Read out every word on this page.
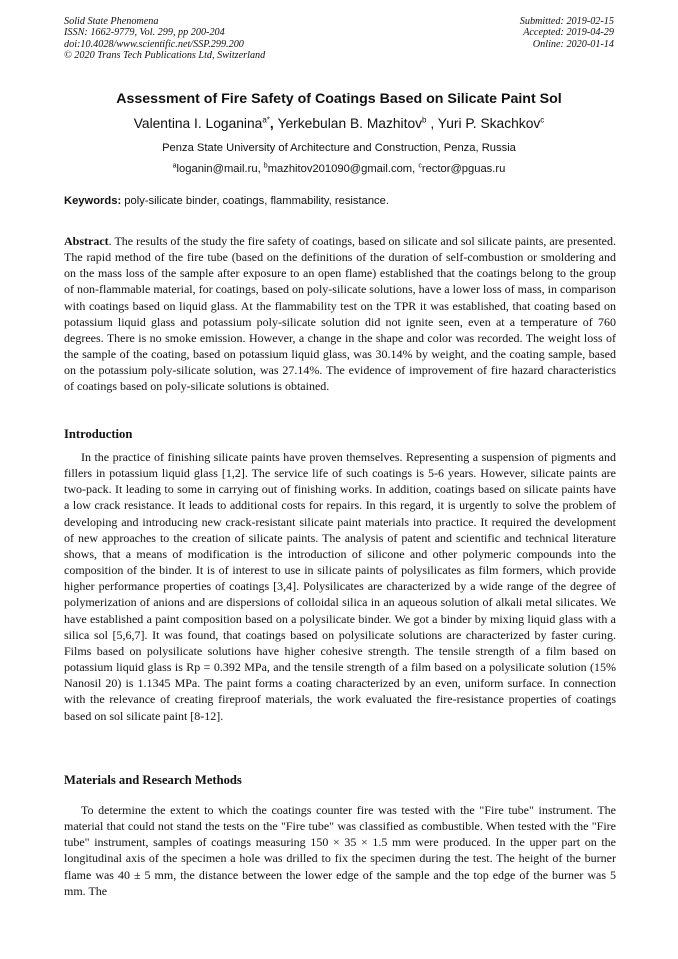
Solid State Phenomena
ISSN: 1662-9779, Vol. 299, pp 200-204
doi:10.4028/www.scientific.net/SSP.299.200
© 2020 Trans Tech Publications Ltd, Switzerland
Submitted: 2019-02-15
Accepted: 2019-04-29
Online: 2020-01-14
Assessment of Fire Safety of Coatings Based on Silicate Paint Sol
Valentina I. Loganina$^{a*}$, Yerkebulan B. Mazhitov$^b$ , Yuri P. Skachkov$^c$
Penza State University of Architecture and Construction, Penza, Russia
$^a$loganin@mail.ru, $^b$mazhitov201090@gmail.com, $^c$rector@pguas.ru
Keywords: poly-silicate binder, coatings, flammability, resistance.
Abstract. The results of the study the fire safety of coatings, based on silicate and sol silicate paints, are presented. The rapid method of the fire tube (based on the definitions of the duration of self-combustion or smoldering and on the mass loss of the sample after exposure to an open flame) established that the coatings belong to the group of non-flammable material, for coatings, based on poly-silicate solutions, have a lower loss of mass, in comparison with coatings based on liquid glass. At the flammability test on the TPR it was established, that coating based on potassium liquid glass and potassium poly-silicate solution did not ignite seen, even at a temperature of 760 degrees. There is no smoke emission. However, a change in the shape and color was recorded. The weight loss of the sample of the coating, based on potassium liquid glass, was 30.14% by weight, and the coating sample, based on the potassium poly-silicate solution, was 27.14%. The evidence of improvement of fire hazard characteristics of coatings based on poly-silicate solutions is obtained.
Introduction
In the practice of finishing silicate paints have proven themselves. Representing a suspension of pigments and fillers in potassium liquid glass [1,2]. The service life of such coatings is 5-6 years. However, silicate paints are two-pack. It leading to some in carrying out of finishing works. In addition, coatings based on silicate paints have a low crack resistance. It leads to additional costs for repairs. In this regard, it is urgently to solve the problem of developing and introducing new crack-resistant silicate paint materials into practice. It required the development of new approaches to the creation of silicate paints. The analysis of patent and scientific and technical literature shows, that a means of modification is the introduction of silicone and other polymeric compounds into the composition of the binder. It is of interest to use in silicate paints of polysilicates as film formers, which provide higher performance properties of coatings [3,4]. Polysilicates are characterized by a wide range of the degree of polymerization of anions and are dispersions of colloidal silica in an aqueous solution of alkali metal silicates. We have established a paint composition based on a polysilicate binder. We got a binder by mixing liquid glass with a silica sol [5,6,7]. It was found, that coatings based on polysilicate solutions are characterized by faster curing. Films based on polysilicate solutions have higher cohesive strength. The tensile strength of a film based on potassium liquid glass is Rp = 0.392 MPa, and the tensile strength of a film based on a polysilicate solution (15% Nanosil 20) is 1.1345 MPa. The paint forms a coating characterized by an even, uniform surface. In connection with the relevance of creating fireproof materials, the work evaluated the fire-resistance properties of coatings based on sol silicate paint [8-12].
Materials and Research Methods
To determine the extent to which the coatings counter fire was tested with the "Fire tube" instrument. The material that could not stand the tests on the "Fire tube" was classified as combustible. When tested with the "Fire tube" instrument, samples of coatings measuring 150 × 35 × 1.5 mm were produced. In the upper part on the longitudinal axis of the specimen a hole was drilled to fix the specimen during the test. The height of the burner flame was 40 ± 5 mm, the distance between the lower edge of the sample and the top edge of the burner was 5 mm. The
